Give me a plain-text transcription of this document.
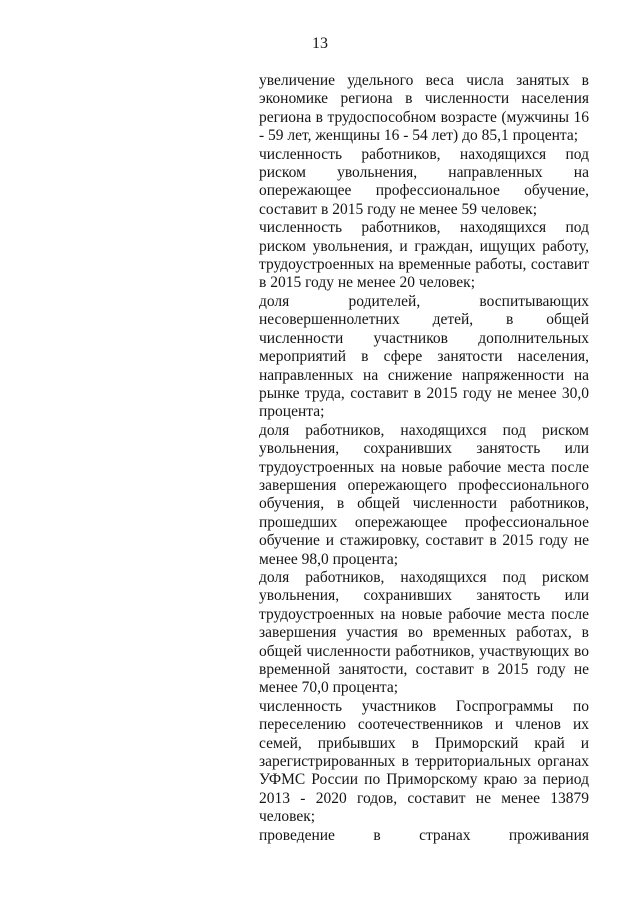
13

увеличение удельного веса числа занятых в экономике региона в численности населения региона в трудоспособном возрасте (мужчины 16 - 59 лет, женщины 16 - 54 лет) до 85,1 процента;

численность работников, находящихся под риском увольнения, направленных на опережающее профессиональное обучение, составит в 2015 году не менее 59 человек;

численность работников, находящихся под риском увольнения, и граждан, ищущих работу, трудоустроенных на временные работы, составит в 2015 году не менее 20 человек;

доля родителей, воспитывающих несовершеннолетних детей, в общей численности участников дополнительных мероприятий в сфере занятости населения, направленных на снижение напряженности на рынке труда, составит в 2015 году не менее 30,0 процента;

доля работников, находящихся под риском увольнения, сохранивших занятость или трудоустроенных на новые рабочие места после завершения опережающего профессионального обучения, в общей численности работников, прошедших опережающее профессиональное обучение и стажировку, составит в 2015 году не менее 98,0 процента;

доля работников, находящихся под риском увольнения, сохранивших занятость или трудоустроенных на новые рабочие места после завершения участия во временных работах, в общей численности работников, участвующих во временной занятости, составит в 2015 году не менее 70,0 процента;

численность участников Госпрограммы по переселению соотечественников и членов их семей, прибывших в Приморский край и зарегистрированных в территориальных органах УФМС России по Приморскому краю за период 2013 - 2020 годов, составит не менее 13879 человек;

проведение в странах проживания
